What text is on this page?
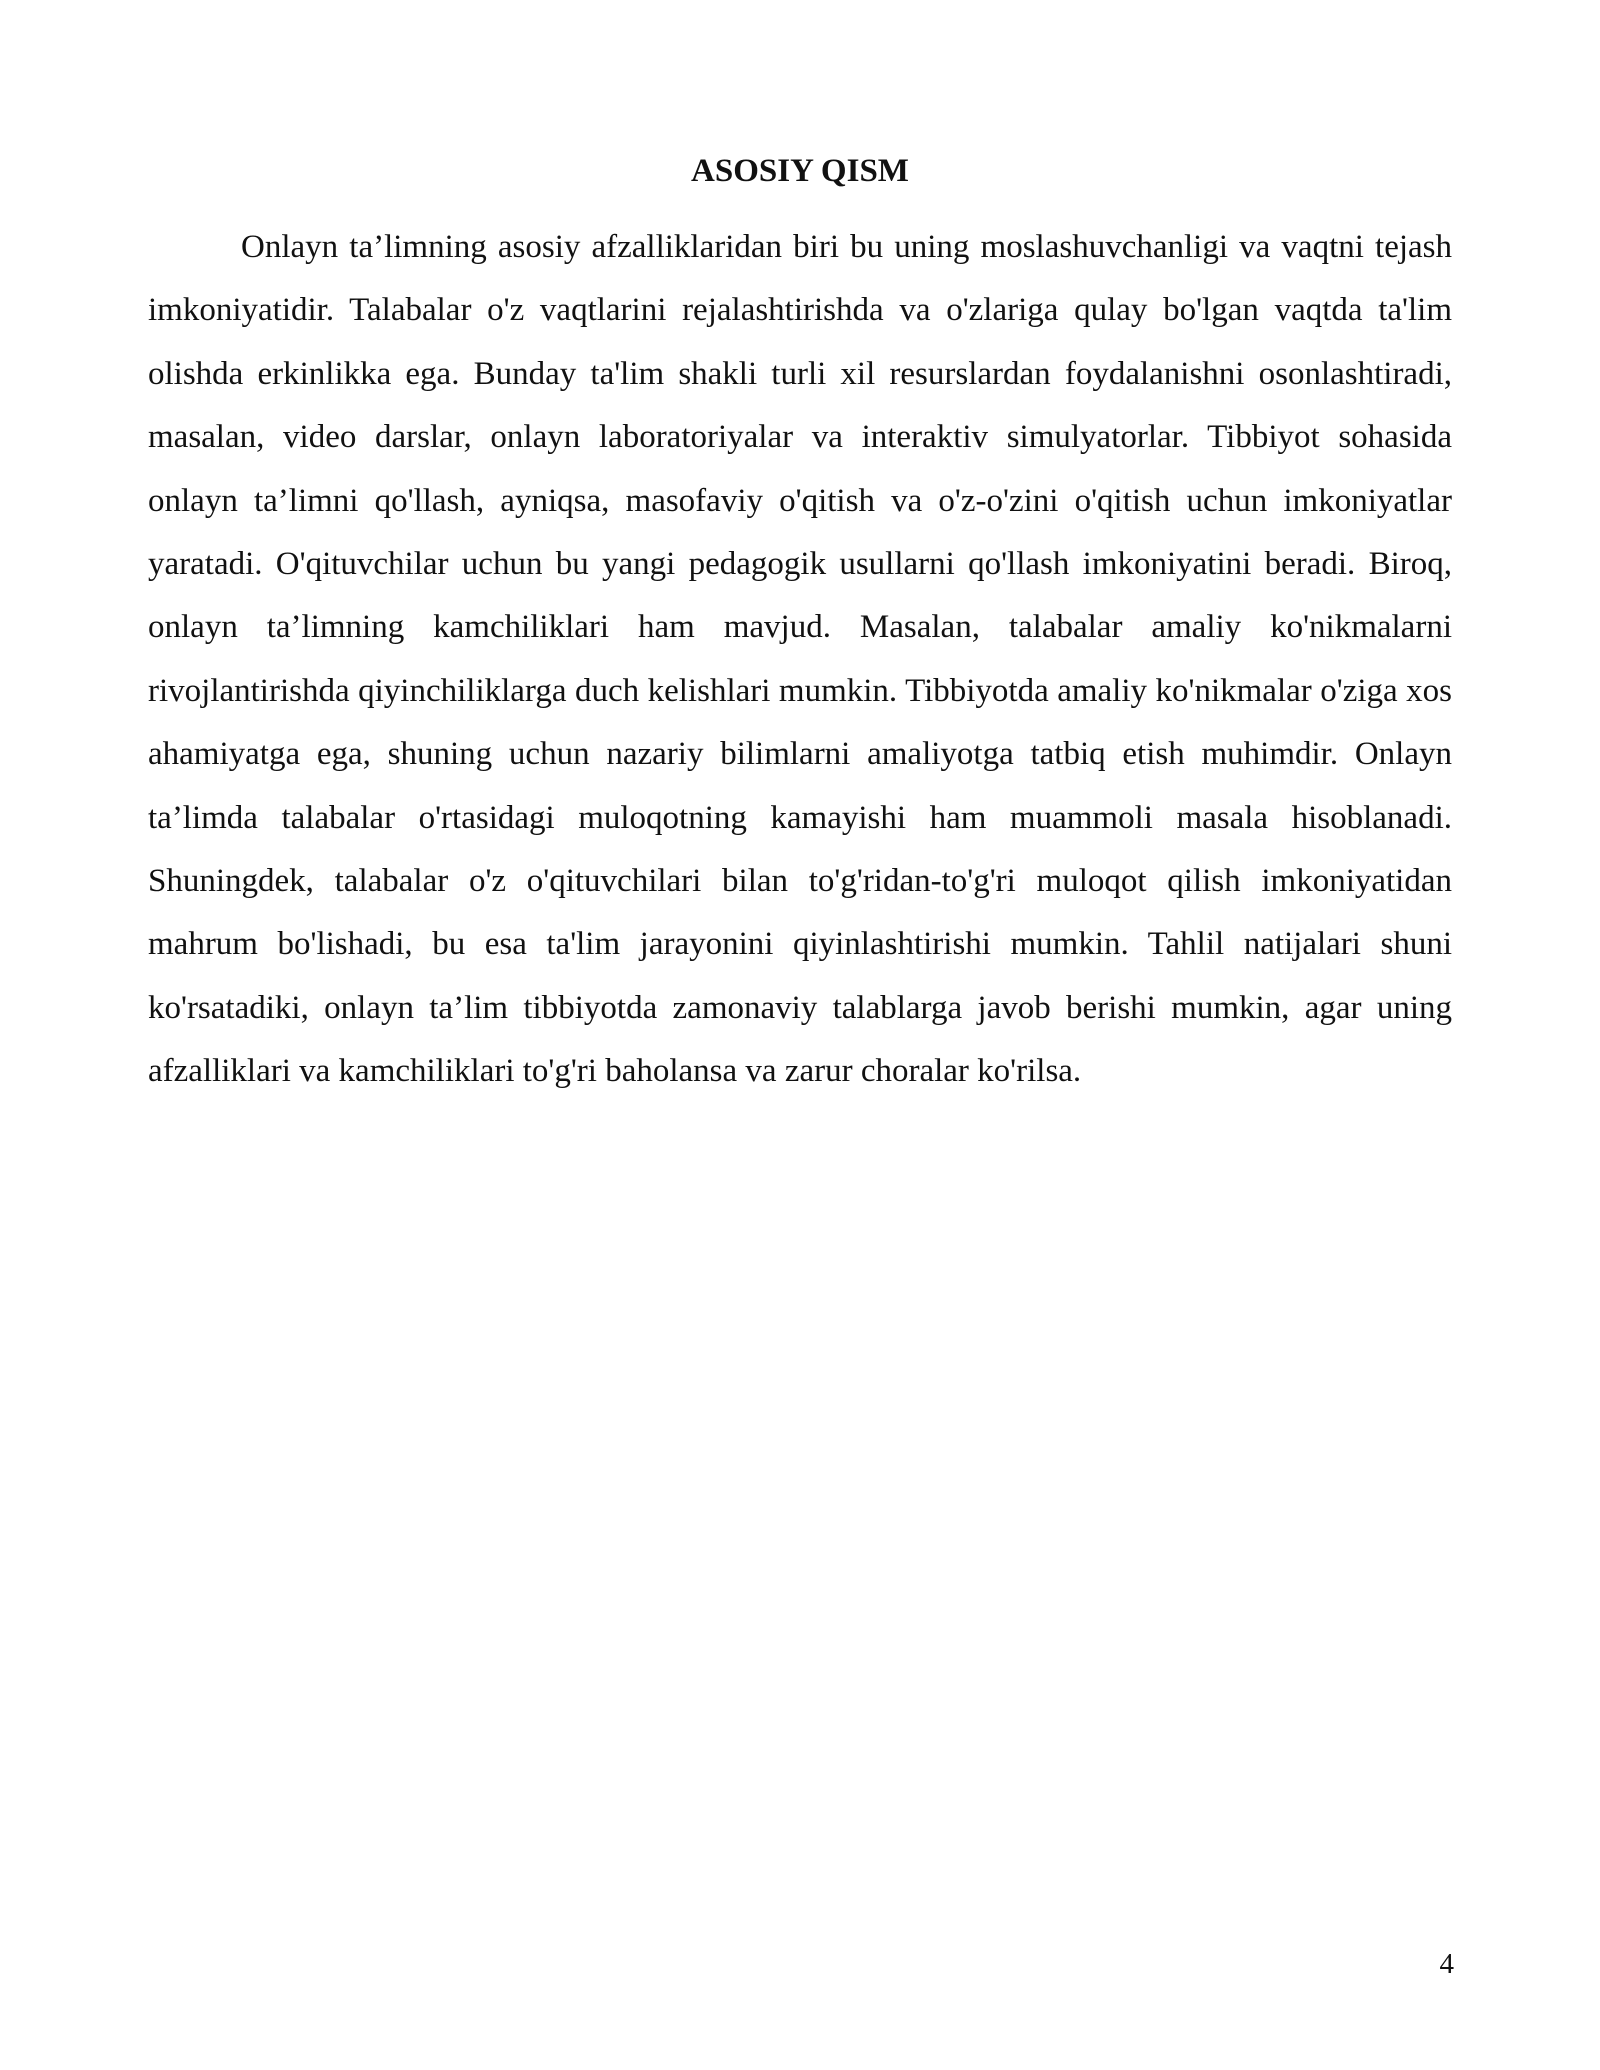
ASOSIY QISM

Onlayn ta’limning asosiy afzalliklaridan biri bu uning moslashuvchanligi va vaqtni tejash imkoniyatidir. Talabalar o'z vaqtlarini rejalashtirishda va o'zlariga qulay bo'lgan vaqtda ta'lim olishda erkinlikka ega. Bunday ta'lim shakli turli xil resurslardan foydalanishni osonlashtiradi, masalan, video darslar, onlayn laboratoriyalar va interaktiv simulyatorlar. Tibbiyot sohasida onlayn ta’limni qo'llash, ayniqsa, masofaviy o'qitish va o'z-o'zini o'qitish uchun imkoniyatlar yaratadi. O'qituvchilar uchun bu yangi pedagogik usullarni qo'llash imkoniyatini beradi. Biroq, onlayn ta’limning kamchiliklari ham mavjud. Masalan, talabalar amaliy ko'nikmalarni rivojlantirishda qiyinchiliklarga duch kelishlari mumkin. Tibbiyotda amaliy ko'nikmalar o'ziga xos ahamiyatga ega, shuning uchun nazariy bilimlarni amaliyotga tatbiq etish muhimdir. Onlayn ta’limda talabalar o'rtasidagi muloqotning kamayishi ham muammoli masala hisoblanadi. Shuningdek, talabalar o'z o'qituvchilari bilan to'g'ridan-to'g'ri muloqot qilish imkoniyatidan mahrum bo'lishadi, bu esa ta'lim jarayonini qiyinlashtirishi mumkin. Tahlil natijalari shuni ko'rsatadiki, onlayn ta’lim tibbiyotda zamonaviy talablarga javob berishi mumkin, agar uning afzalliklari va kamchiliklari to'g'ri baholansa va zarur choralar ko'rilsa.

4
